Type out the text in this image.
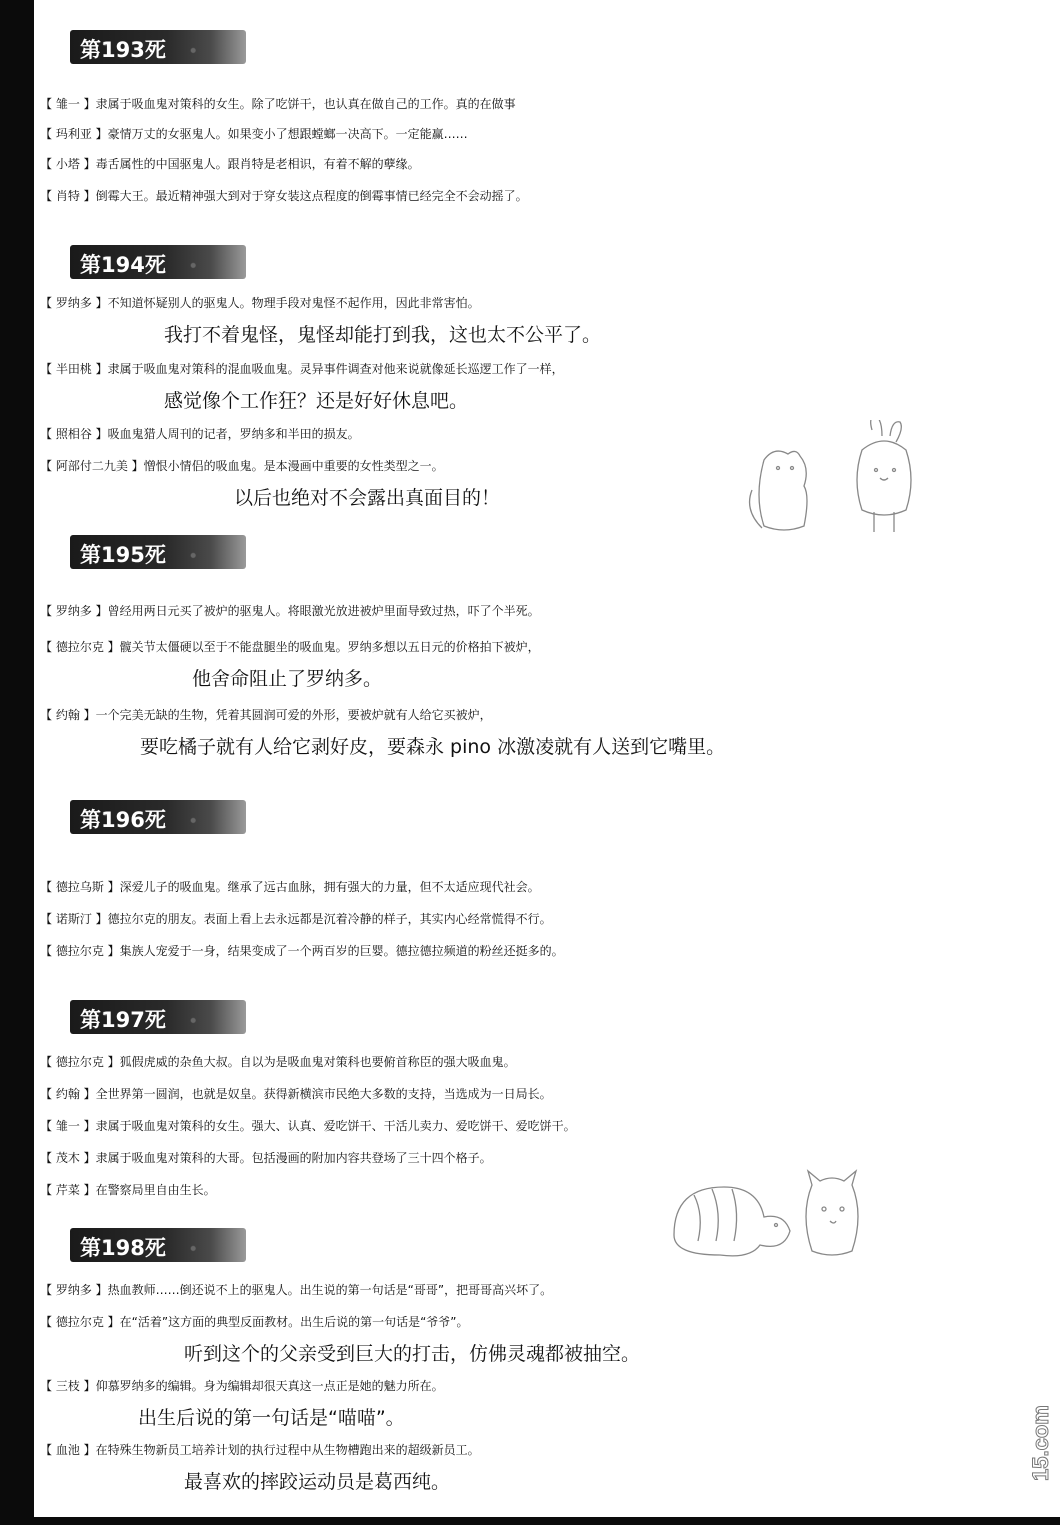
第193死
【 雏一 】隶属于吸血鬼对策科的女生。除了吃饼干，也认真在做自己的工作。真的在做事
【 玛利亚 】豪情万丈的女驱鬼人。如果变小了想跟螳螂一决高下。一定能赢……
【 小塔 】毒舌属性的中国驱鬼人。跟肖特是老相识，有着不解的孽缘。
【 肖特 】倒霉大王。最近精神强大到对于穿女装这点程度的倒霉事情已经完全不会动摇了。
第194死
【 罗纳多 】不知道怀疑别人的驱鬼人。物理手段对鬼怪不起作用，因此非常害怕。
我打不着鬼怪，鬼怪却能打到我，这也太不公平了。
【 半田桃 】隶属于吸血鬼对策科的混血吸血鬼。灵异事件调查对他来说就像延长巡逻工作了一样，
感觉像个工作狂？还是好好休息吧。
【 照相谷 】吸血鬼猎人周刊的记者，罗纳多和半田的损友。
【 阿部付二九美 】憎恨小情侣的吸血鬼。是本漫画中重要的女性类型之一。
以后也绝对不会露出真面目的！
第195死
【 罗纳多 】曾经用两日元买了被炉的驱鬼人。将眼激光放进被炉里面导致过热，吓了个半死。
【 德拉尔克 】髋关节太僵硬以至于不能盘腿坐的吸血鬼。罗纳多想以五日元的价格拍下被炉，
他舍命阻止了罗纳多。
【 约翰 】一个完美无缺的生物，凭着其圆润可爱的外形，要被炉就有人给它买被炉，
要吃橘子就有人给它剥好皮，要森永 pino 冰激凌就有人送到它嘴里。
第196死
【 德拉乌斯 】深爱儿子的吸血鬼。继承了远古血脉，拥有强大的力量，但不太适应现代社会。
【 诺斯汀 】德拉尔克的朋友。表面上看上去永远都是沉着冷静的样子，其实内心经常慌得不行。
【 德拉尔克 】集族人宠爱于一身，结果变成了一个两百岁的巨婴。德拉德拉频道的粉丝还挺多的。
第197死
【 德拉尔克 】狐假虎威的杂鱼大叔。自以为是吸血鬼对策科也要俯首称臣的强大吸血鬼。
【 约翰 】全世界第一圆润，也就是奴皇。获得新横滨市民绝大多数的支持，当选成为一日局长。
【 雏一 】隶属于吸血鬼对策科的女生。强大、认真、爱吃饼干、干活儿卖力、爱吃饼干、爱吃饼干。
【 茂木 】隶属于吸血鬼对策科的大哥。包括漫画的附加内容共登场了三十四个格子。
【 芹菜 】在警察局里自由生长。
第198死
【 罗纳多 】热血教师……倒还说不上的驱鬼人。出生说的第一句话是“哥哥”，把哥哥高兴坏了。
【 德拉尔克 】在“活着”这方面的典型反面教材。出生后说的第一句话是“爷爷”。
听到这个的父亲受到巨大的打击，仿佛灵魂都被抽空。
【 三枝 】仰慕罗纳多的编辑。身为编辑却很天真这一点正是她的魅力所在。
出生后说的第一句话是“喵喵”。
【 血池 】在特殊生物新员工培养计划的执行过程中从生物槽跑出来的超级新员工。
最喜欢的摔跤运动员是葛西纯。
15.com
